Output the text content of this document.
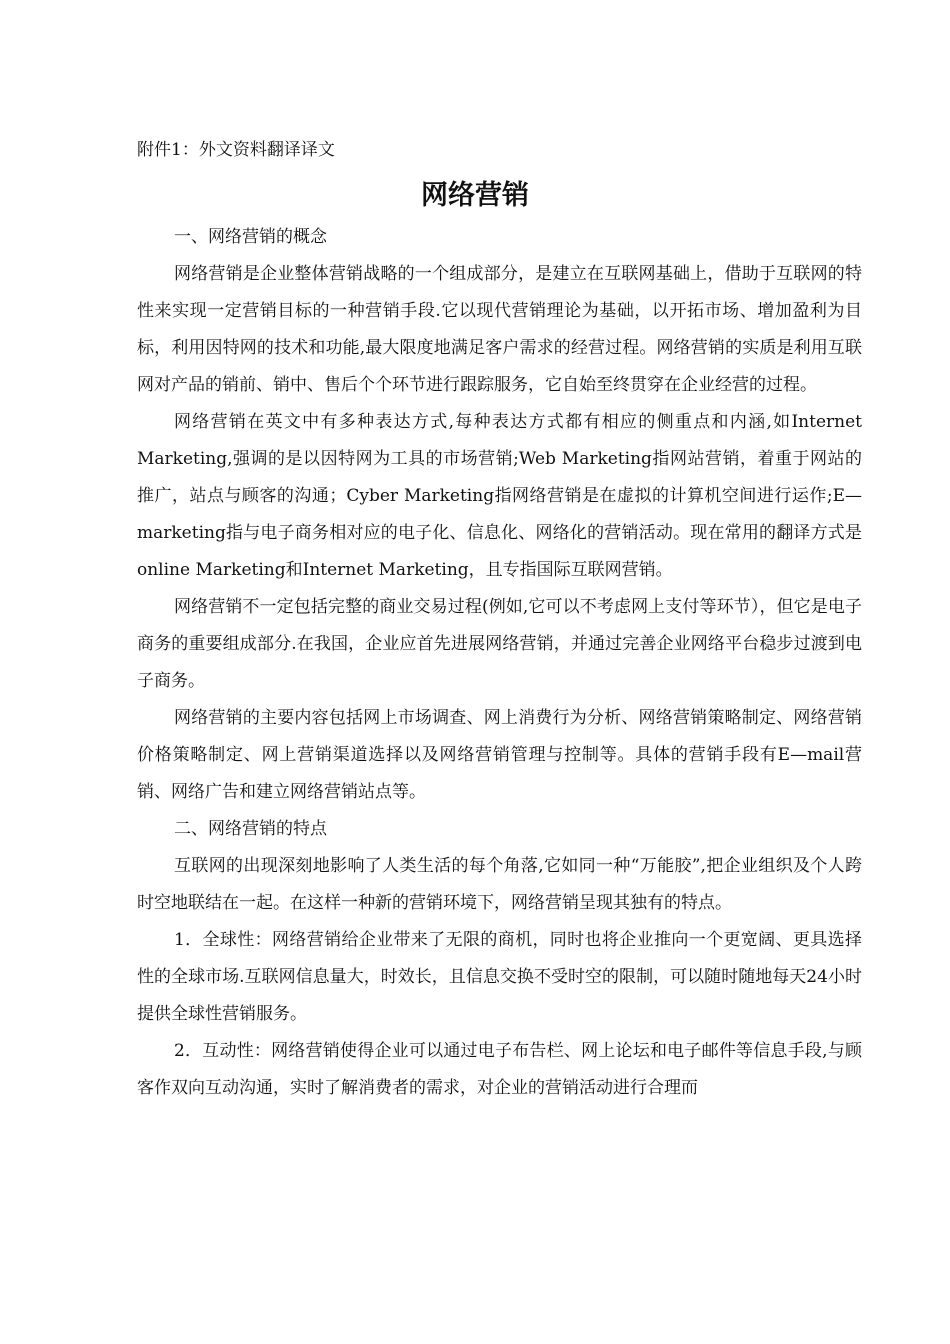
附件1：外文资料翻译译文
网络营销

一、网络营销的概念

网络营销是企业整体营销战略的一个组成部分，是建立在互联网基础上，借助于互联网的特性来实现一定营销目标的一种营销手段.它以现代营销理论为基础，以开拓市场、增加盈利为目标，利用因特网的技术和功能,最大限度地满足客户需求的经营过程。网络营销的实质是利用互联网对产品的销前、销中、售后个个环节进行跟踪服务，它自始至终贯穿在企业经营的过程。

网络营销在英文中有多种表达方式,每种表达方式都有相应的侧重点和内涵,如Internet Marketing,强调的是以因特网为工具的市场营销;Web Marketing指网站营销，着重于网站的推广，站点与顾客的沟通；Cyber Marketing指网络营销是在虚拟的计算机空间进行运作;E—marketing指与电子商务相对应的电子化、信息化、网络化的营销活动。现在常用的翻译方式是online Marketing和Internet Marketing，且专指国际互联网营销。

网络营销不一定包括完整的商业交易过程(例如,它可以不考虑网上支付等环节），但它是电子商务的重要组成部分.在我国，企业应首先进展网络营销，并通过完善企业网络平台稳步过渡到电子商务。

网络营销的主要内容包括网上市场调查、网上消费行为分析、网络营销策略制定、网络营销价格策略制定、网上营销渠道选择以及网络营销管理与控制等。具体的营销手段有E—mail营销、网络广告和建立网络营销站点等。

二、网络营销的特点

互联网的出现深刻地影响了人类生活的每个角落,它如同一种“万能胶”,把企业组织及个人跨时空地联结在一起。在这样一种新的营销环境下，网络营销呈现其独有的特点。

1．全球性：网络营销给企业带来了无限的商机，同时也将企业推向一个更宽阔、更具选择性的全球市场.互联网信息量大，时效长，且信息交换不受时空的限制，可以随时随地每天24小时提供全球性营销服务。

2．互动性：网络营销使得企业可以通过电子布告栏、网上论坛和电子邮件等信息手段,与顾客作双向互动沟通，实时了解消费者的需求，对企业的营销活动进行合理而
